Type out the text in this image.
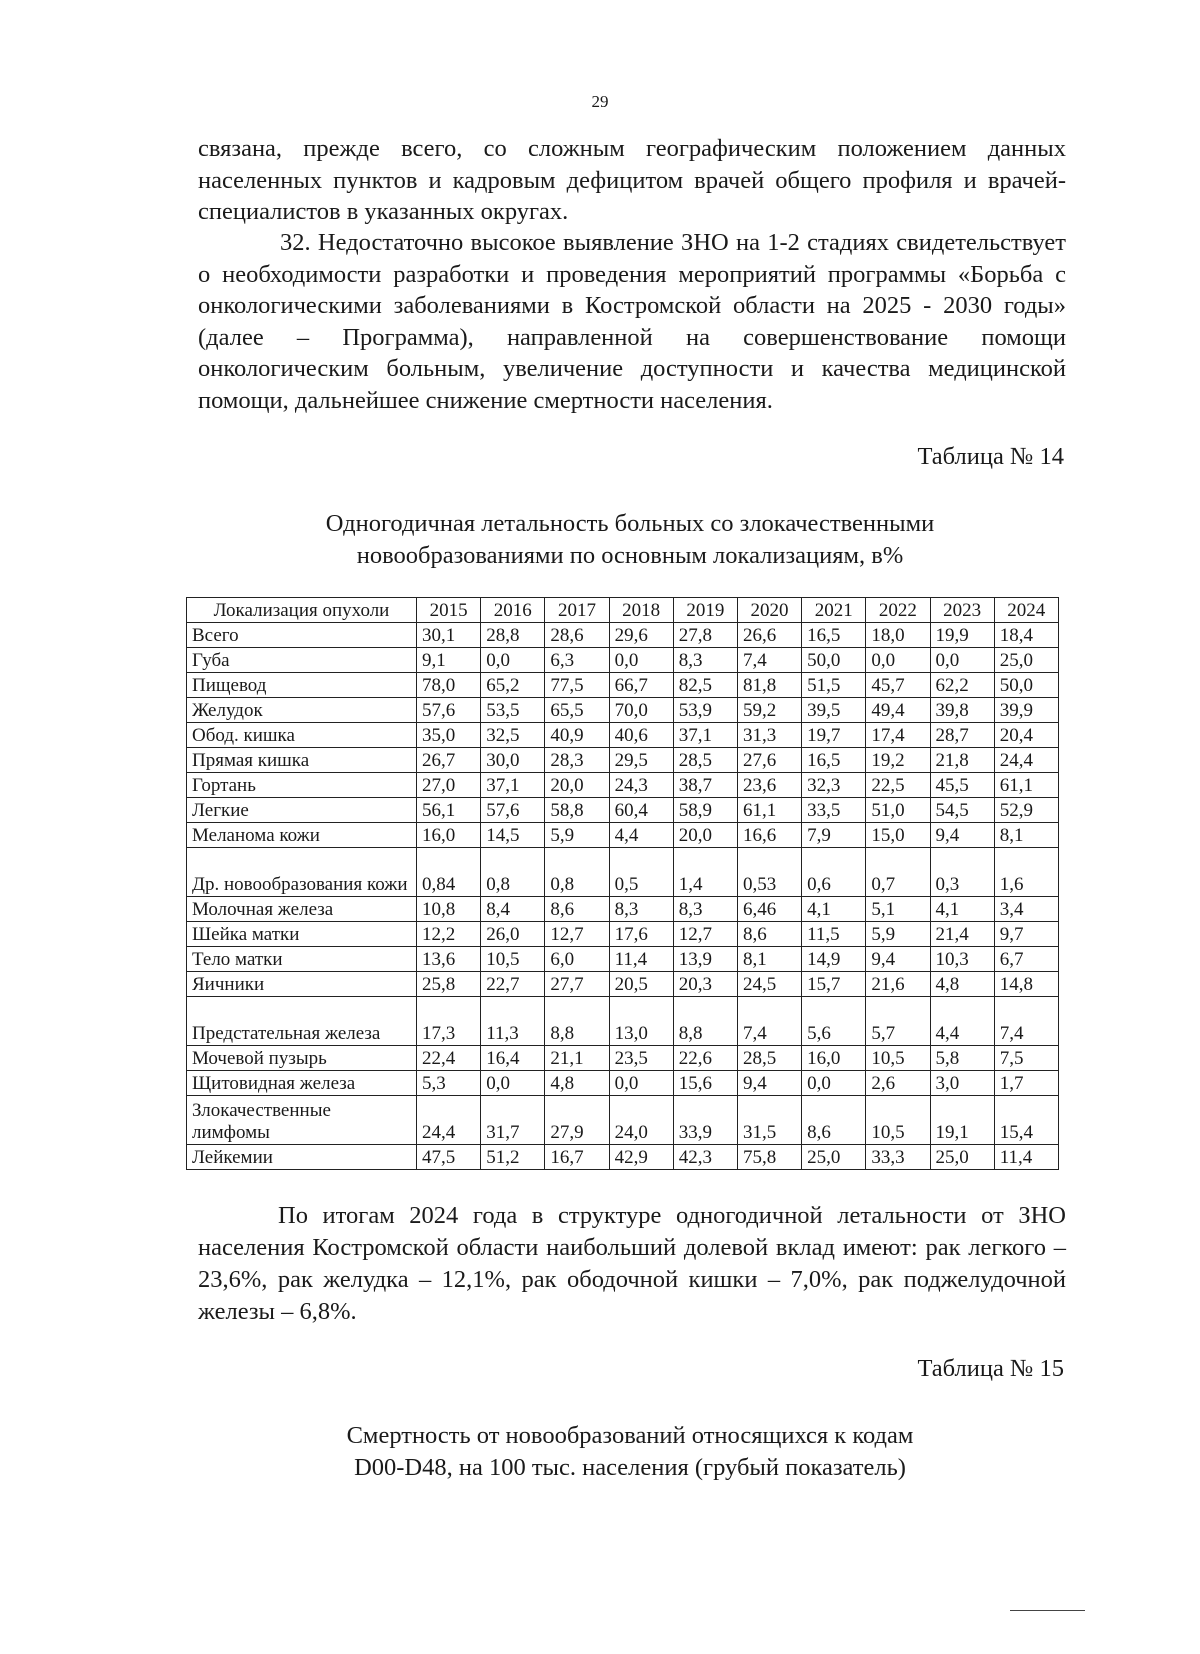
29

связана, прежде всего, со сложным географическим положением данных населенных пунктов и кадровым дефицитом врачей общего профиля и врачей-специалистов в указанных округах.

32. Недостаточно высокое выявление ЗНО на 1-2 стадиях свидетельствует о необходимости разработки и проведения мероприятий программы «Борьба с онкологическими заболеваниями в Костромской области на 2025 - 2030 годы» (далее – Программа), направленной на совершенствование помощи онкологическим больным, увеличение доступности и качества медицинской помощи, дальнейшее снижение смертности населения.

Таблица № 14
Одногодичная летальность больных со злокачественными
новообразованиями по основным локализациям, в%
Локализация опухоли	2015	2016	2017	2018	2019	2020	2021	2022	2023	2024
Всего	30,1	28,8	28,6	29,6	27,8	26,6	16,5	18,0	19,9	18,4
Губа	9,1	0,0	6,3	0,0	8,3	7,4	50,0	0,0	0,0	25,0
Пищевод	78,0	65,2	77,5	66,7	82,5	81,8	51,5	45,7	62,2	50,0
Желудок	57,6	53,5	65,5	70,0	53,9	59,2	39,5	49,4	39,8	39,9
Обод. кишка	35,0	32,5	40,9	40,6	37,1	31,3	19,7	17,4	28,7	20,4
Прямая кишка	26,7	30,0	28,3	29,5	28,5	27,6	16,5	19,2	21,8	24,4
Гортань	27,0	37,1	20,0	24,3	38,7	23,6	32,3	22,5	45,5	61,1
Легкие	56,1	57,6	58,8	60,4	58,9	61,1	33,5	51,0	54,5	52,9
Меланома кожи	16,0	14,5	5,9	4,4	20,0	16,6	7,9	15,0	9,4	8,1
Др. новообразования кожи	0,84	0,8	0,8	0,5	1,4	0,53	0,6	0,7	0,3	1,6
Молочная железа	10,8	8,4	8,6	8,3	8,3	6,46	4,1	5,1	4,1	3,4
Шейка матки	12,2	26,0	12,7	17,6	12,7	8,6	11,5	5,9	21,4	9,7
Тело матки	13,6	10,5	6,0	11,4	13,9	8,1	14,9	9,4	10,3	6,7
Яичники	25,8	22,7	27,7	20,5	20,3	24,5	15,7	21,6	4,8	14,8
Предстательная железа	17,3	11,3	8,8	13,0	8,8	7,4	5,6	5,7	4,4	7,4
Мочевой пузырь	22,4	16,4	21,1	23,5	22,6	28,5	16,0	10,5	5,8	7,5
Щитовидная железа	5,3	0,0	4,8	0,0	15,6	9,4	0,0	2,6	3,0	1,7
Злокачественные лимфомы	24,4	31,7	27,9	24,0	33,9	31,5	8,6	10,5	19,1	15,4
Лейкемии	47,5	51,2	16,7	42,9	42,3	75,8	25,0	33,3	25,0	11,4

По итогам 2024 года в структуре одногодичной летальности от ЗНО населения Костромской области наибольший долевой вклад имеют: рак легкого – 23,6%, рак желудка – 12,1%, рак ободочной кишки – 7,0%, рак поджелудочной железы – 6,8%.

Таблица № 15
Смертность от новообразований относящихся к кодам
D00-D48, на 100 тыс. населения (грубый показатель)
